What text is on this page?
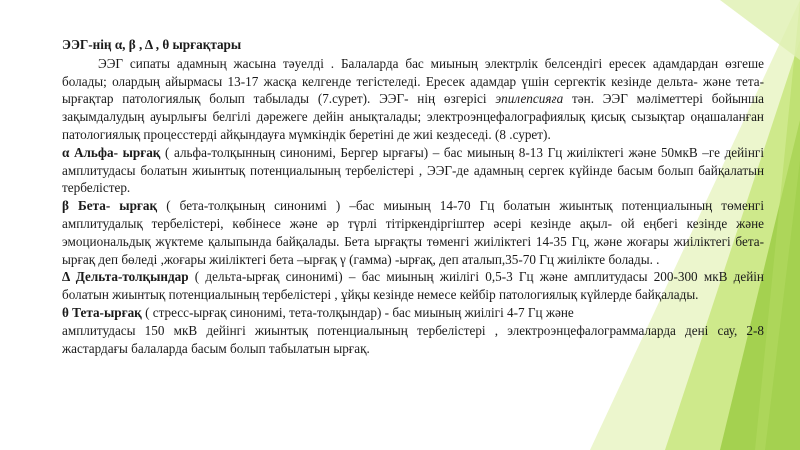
ЭЭГ-нің α, β , Δ , θ ырғақтары

ЭЭГ сипаты адамның жасына тәуелді . Балаларда бас миының электрлік белсендігі ересек адамдардан өзгеше болады; олардың айырмасы 13-17 жасқа келгенде тегістеледі. Ересек адамдар үшін сергектік кезінде дельта- және тета- ырғақтар патологиялық болып табылады (7.сурет). ЭЭГ- нің өзгерісі эпилепсияға тән. ЭЭГ мәліметтері бойынша зақымдалудың ауырлығы белгілі дәрежеге дейін анықталады; электроэнцефалографиялық қисық сызықтар оңашаланған патологиялық процесстерді айқындауға мүмкіндік беретіні де жиі кездеседі. (8 .сурет).

α Альфа- ырғақ ( альфа-толқынның синонимі, Бергер ырғағы) – бас миының 8-13 Гц жиіліктегі және 50мкВ –ге дейінгі амплитудасы болатын жиынтық потенциалының тербелістері , ЭЭГ-де адамның сергек күйінде басым болып байқалатын тербелістер.

β Бета- ырғақ ( бета-толқының синонимі ) –бас миының 14-70 Гц болатын жиынтық потенциалының төменгі амплитудалық тербелістері, көбінесе және әр түрлі тітіркендіргіштер әсері кезінде ақыл- ой еңбегі кезінде және эмоциональдық жүктеме қалыпында байқалады. Бета ырғақты төменгі жиіліктегі 14-35 Гц, және жоғары жиіліктегі бета- ырғақ деп бөледі ,жоғары жиіліктегі бета –ырғақ γ (гамма) -ырғақ, деп аталып,35-70 Гц жиілікте болады. .

Δ Дельта-толқындар ( дельта-ырғақ синонимі) – бас миының жиілігі 0,5-3 Гц және амплитудасы 200-300 мкВ дейін болатын жиынтық потенциалының тербелістері , ұйқы кезінде немесе кейбір патологиялық күйлерде байқалады.

θ Тета-ырғақ ( стресс-ырғақ синонимі, тета-толқындар) - бас миының жиілігі 4-7 Гц және

амплитудасы 150 мкВ дейінгі жиынтық потенциалының тербелістері , электроэнцефалограммаларда дені сау, 2-8 жастардағы балаларда басым болып табылатын ырғақ.
